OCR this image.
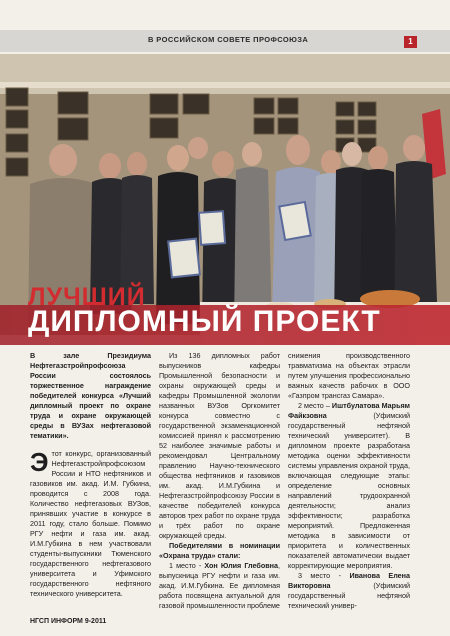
В РОССИЙСКОМ СОВЕТЕ ПРОФСОЮЗА	1
ЛУЧШИЙ
ДИПЛОМНЫЙ ПРОЕКТ

В зале Президиума Нефтегазстройпрофсоюза России состоялось торжественное награждение победителей конкурса «Лучший дипломный проект по охране труда и охране окружающей среды в ВУЗах нефтегазовой тематики».

Этот конкурс, организованный Нефтегазстройпрофсоюзом России и НТО нефтяников и газовиков им. акад. И.М. Губкина, проводится с 2008 года. Количество нефтегазовых ВУЗов, принявших участие в конкурсе в 2011 году, стало больше. Помимо РГУ нефти и газа им. акад. И.М.Губкина в нем участвовали студенты-выпускники Тюменского государственного нефтегазового университета и Уфимского государственного нефтяного технического университета.

Из 136 дипломных работ выпускников кафедры Промышленной безопасности и охраны окружающей среды и кафедры Промышленной экологии названных ВУЗов Оргкомитет конкурса совместно с государственной экзаменационной комиссией принял к рассмотрению 52 наиболее значимые работы и рекомендовал Центральному правлению Научно-технического общества нефтяников и газовиков им. акад. И.М.Губкина и Нефтегазстройпрофсоюзу России в качестве победителей конкурса авторов трех работ по охране труда и трёх работ по охране окружающей среды.

Победителями в номинации «Охрана труда» стали:

1 место - Хон Юлия Глебовна, выпускница РГУ нефти и газа им. акад. И.М.Губкина. Ее дипломная работа посвящена актуальной для газовой промышленности проблеме

снижения производственного травматизма на объектах этрасли путем улучшения профессионально важных качеств рабочих в ООО «Газпром трансгаз Самара».

2 место – Иштбулатова Марьям Файкзовна (Уфимский государственный нефтяной технический университет). В дипломном проекте разработана методика оценки эффективности системы управления охраной труда, включающая следующие этапы: определение основных направлений трудоохранной деятельности; анализ эффективности; разработка мероприятий. Предложенная методика в зависимости от приоритета и количественных показателей автоматически выдает корректирующие мероприятия.

3 место - Иванова Елена Викторовна (Уфимский государственный нефтяной технический универ-

НГСП ИНФОРМ 9-2011
